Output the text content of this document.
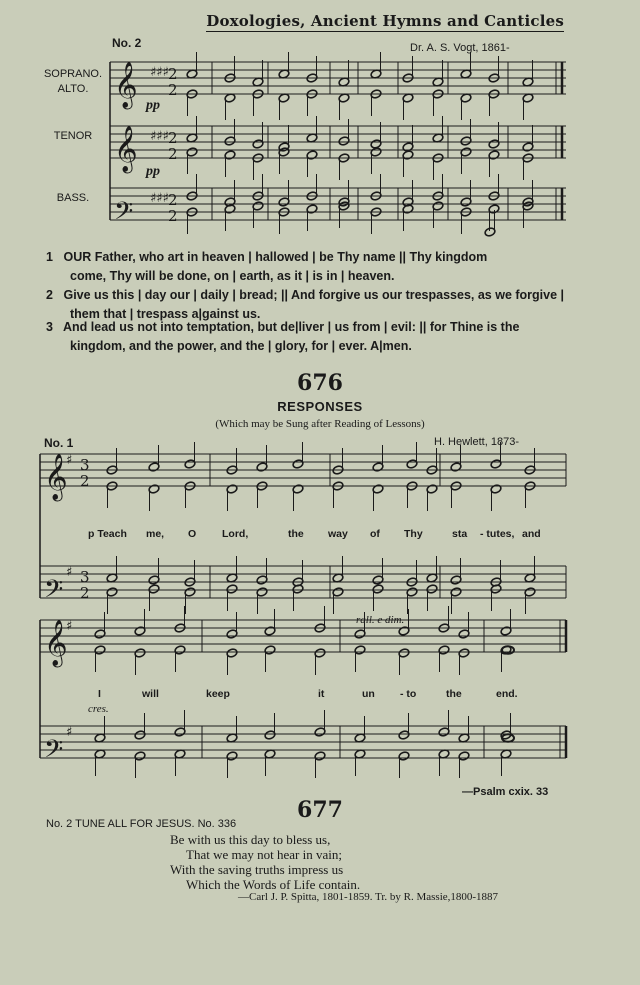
Doxologies, Ancient Hymns and Canticles
No. 2	Dr. A. S. Vogt, 1861-
SOPRANO.
ALTO.
TENOR
BASS.
pp
pp
𝄞 ♯♯♯ 2
2
𝄞 ♯♯♯ 2
2
𝄢 ♯♯♯ 2
2
𝄞
♯ 3
2
𝄢
♯ 3
2
𝄞
♯
𝄢
♯
1 OUR Father, who art in heaven | hallowed | be Thy name || Thy kingdom
come, Thy will be done, on | earth, as it | is in | heaven.
2 Give us this | day our | daily | bread; || And forgive us our trespasses, as we forgive |
them that | trespass a|gainst us.
3 And lead us not into temptation, but de|liver | us from | evil: || for Thine is the
kingdom, and the power, and the | glory, for | ever. A|men.
676
RESPONSES
(Which may be Sung after Reading of Lessons)
No. 1	H. Hewlett, 1873-
p Teach me, O Lord,	the way of Thy	sta - tutes, and
I	will	keep	it	un - to	the	end.
rall. e dim.
cres.
—Psalm cxix. 33
677
No. 2 TUNE ALL FOR JESUS. No. 336
Be with us this day to bless us,
That we may not hear in vain;
With the saving truths impress us
Which the Words of Life contain.
—Carl J. P. Spitta, 1801-1859. Tr. by R. Massie,1800-1887
